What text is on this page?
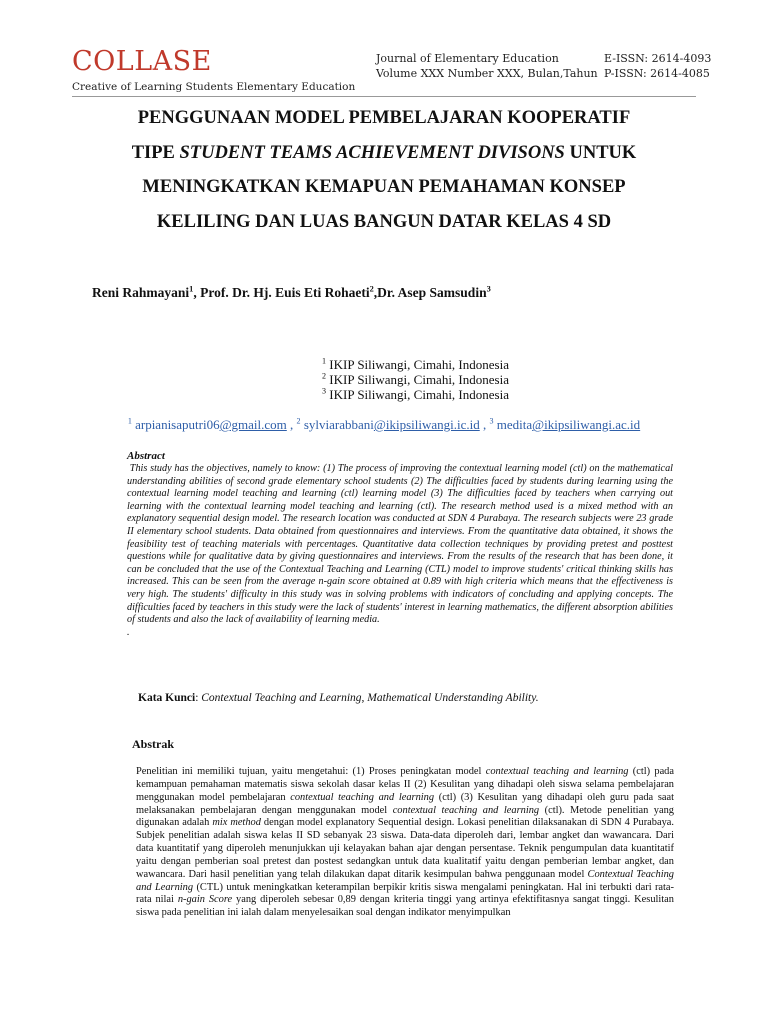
COLLASE
Creative of Learning Students Elementary Education
Journal of Elementary Education
Volume XXX Number XXX, Bulan,Tahun
E-ISSN: 2614-4093
P-ISSN: 2614-4085
PENGGUNAAN MODEL PEMBELAJARAN KOOPERATIF
TIPE STUDENT TEAMS ACHIEVEMENT DIVISONS UNTUK
MENINGKATKAN KEMAPUAN PEMAHAMAN KONSEP
KELILING DAN LUAS BANGUN DATAR KELAS 4 SD
Reni Rahmayani$^1$, Prof. Dr. Hj. Euis Eti Rohaeti$^2$,Dr. Asep Samsudin$^3$
$^1$ IKIP Siliwangi, Cimahi, Indonesia
$^2$ IKIP Siliwangi, Cimahi, Indonesia
$^3$ IKIP Siliwangi, Cimahi, Indonesia
$^1$ arpianisaputri06@gmail.com , $^2$ sylviarabbani@ikipsiliwangi.ic.id , $^3$ medita@ikipsiliwangi.ac.id
Abstract

This study has the objectives, namely to know: (1) The process of improving the contextual learning model (ctl) on the mathematical understanding abilities of second grade elementary school students (2) The difficulties faced by students during learning using the contextual learning model teaching and learning (ctl) learning model (3) The difficulties faced by teachers when carrying out learning with the contextual learning model teaching and learning (ctl). The research method used is a mixed method with an explanatory sequential design model. The research location was conducted at SDN 4 Purabaya. The research subjects were 23 grade II elementary school students. Data obtained from questionnaires and interviews. From the quantitative data obtained, it shows the feasibility test of teaching materials with percentages. Quantitative data collection techniques by providing pretest and posttest questions while for qualitative data by giving questionnaires and interviews. From the results of the research that has been done, it can be concluded that the use of the Contextual Teaching and Learning (CTL) model to improve students' critical thinking skills has increased. This can be seen from the average n-gain score obtained at 0.89 with high criteria which means that the effectiveness is very high. The students' difficulty in this study was in solving problems with indicators of concluding and applying concepts. The difficulties faced by teachers in this study were the lack of students' interest in learning mathematics, the different absorption abilities of students and also the lack of availability of learning media.
.

Kata Kunci: Contextual Teaching and Learning, Mathematical Understanding Ability.
Abstrak

Penelitian ini memiliki tujuan, yaitu mengetahui: (1) Proses peningkatan model contextual teaching and learning (ctl) pada kemampuan pemahaman matematis siswa sekolah dasar kelas II (2) Kesulitan yang dihadapi oleh siswa selama pembelajaran menggunakan model pembelajaran contextual teaching and learning (ctl) (3) Kesulitan yang dihadapi oleh guru pada saat melaksanakan pembelajaran dengan menggunakan model contextual teaching and learning (ctl). Metode penelitian yang digunakan adalah mix method dengan model explanatory Sequential design. Lokasi penelitian dilaksanakan di SDN 4 Purabaya. Subjek penelitian adalah siswa kelas II SD sebanyak 23 siswa. Data-data diperoleh dari, lembar angket dan wawancara. Dari data kuantitatif yang diperoleh menunjukkan uji kelayakan bahan ajar dengan persentase. Teknik pengumpulan data kuantitatif yaitu dengan pemberian soal pretest dan postest sedangkan untuk data kualitatif yaitu dengan pemberian lembar angket, dan wawancara. Dari hasil penelitian yang telah dilakukan dapat ditarik kesimpulan bahwa penggunaan model Contextual Teaching and Learning (CTL) untuk meningkatkan keterampilan berpikir kritis siswa mengalami peningkatan. Hal ini terbukti dari rata-rata nilai n-gain Score yang diperoleh sebesar 0,89 dengan kriteria tinggi yang artinya efektifitasnya sangat tinggi. Kesulitan siswa pada penelitian ini ialah dalam menyelesaikan soal dengan indikator menyimpulkan
